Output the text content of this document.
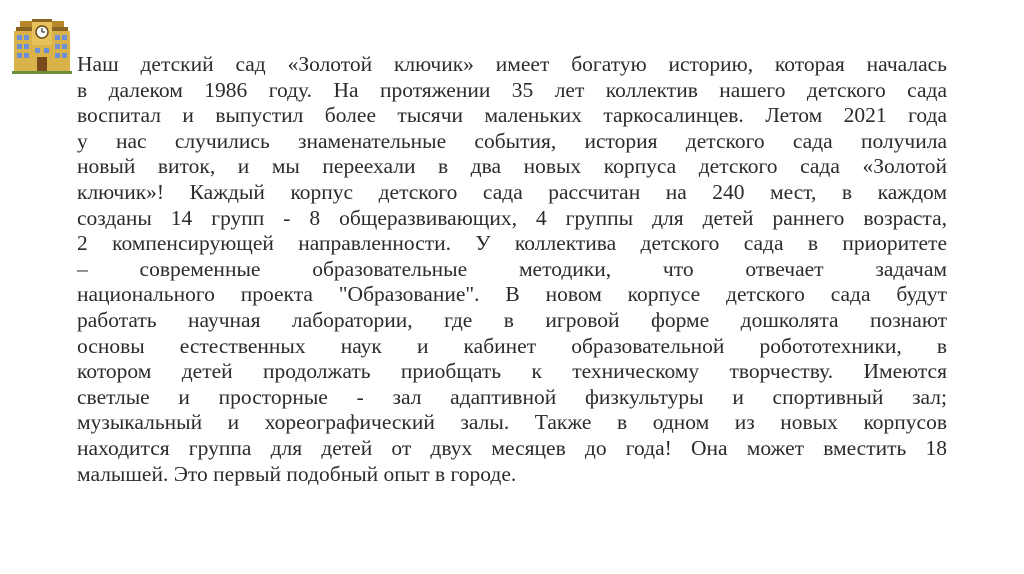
Наш детский сад «Золотой ключик» имеет богатую историю, которая началась
в далеком 1986 году. На протяжении 35 лет коллектив нашего детского сада
воспитал и выпустил более тысячи маленьких таркосалинцев. Летом 2021 года
у нас случились знаменательные события, история детского сада получила
новый виток, и мы переехали в два новых корпуса детского сада «Золотой
ключик»! Каждый корпус детского сада рассчитан на 240 мест, в каждом
созданы 14 групп - 8 общеразвивающих, 4 группы для детей раннего возраста,
2 компенсирующей направленности. У коллектива детского сада в приоритете
– современные образовательные методики, что отвечает задачам
национального проекта "Образование". В новом корпусе детского сада будут
работать научная лаборатории, где в игровой форме дошколята познают
основы естественных наук и кабинет образовательной робототехники, в
котором детей продолжать приобщать к техническому творчеству. Имеются
светлые и просторные - зал адаптивной физкультуры и спортивный зал;
музыкальный и хореографический залы. Также в одном из новых корпусов
находится группа для детей от двух месяцев до года! Она может вместить 18
малышей. Это первый подобный опыт в городе.
